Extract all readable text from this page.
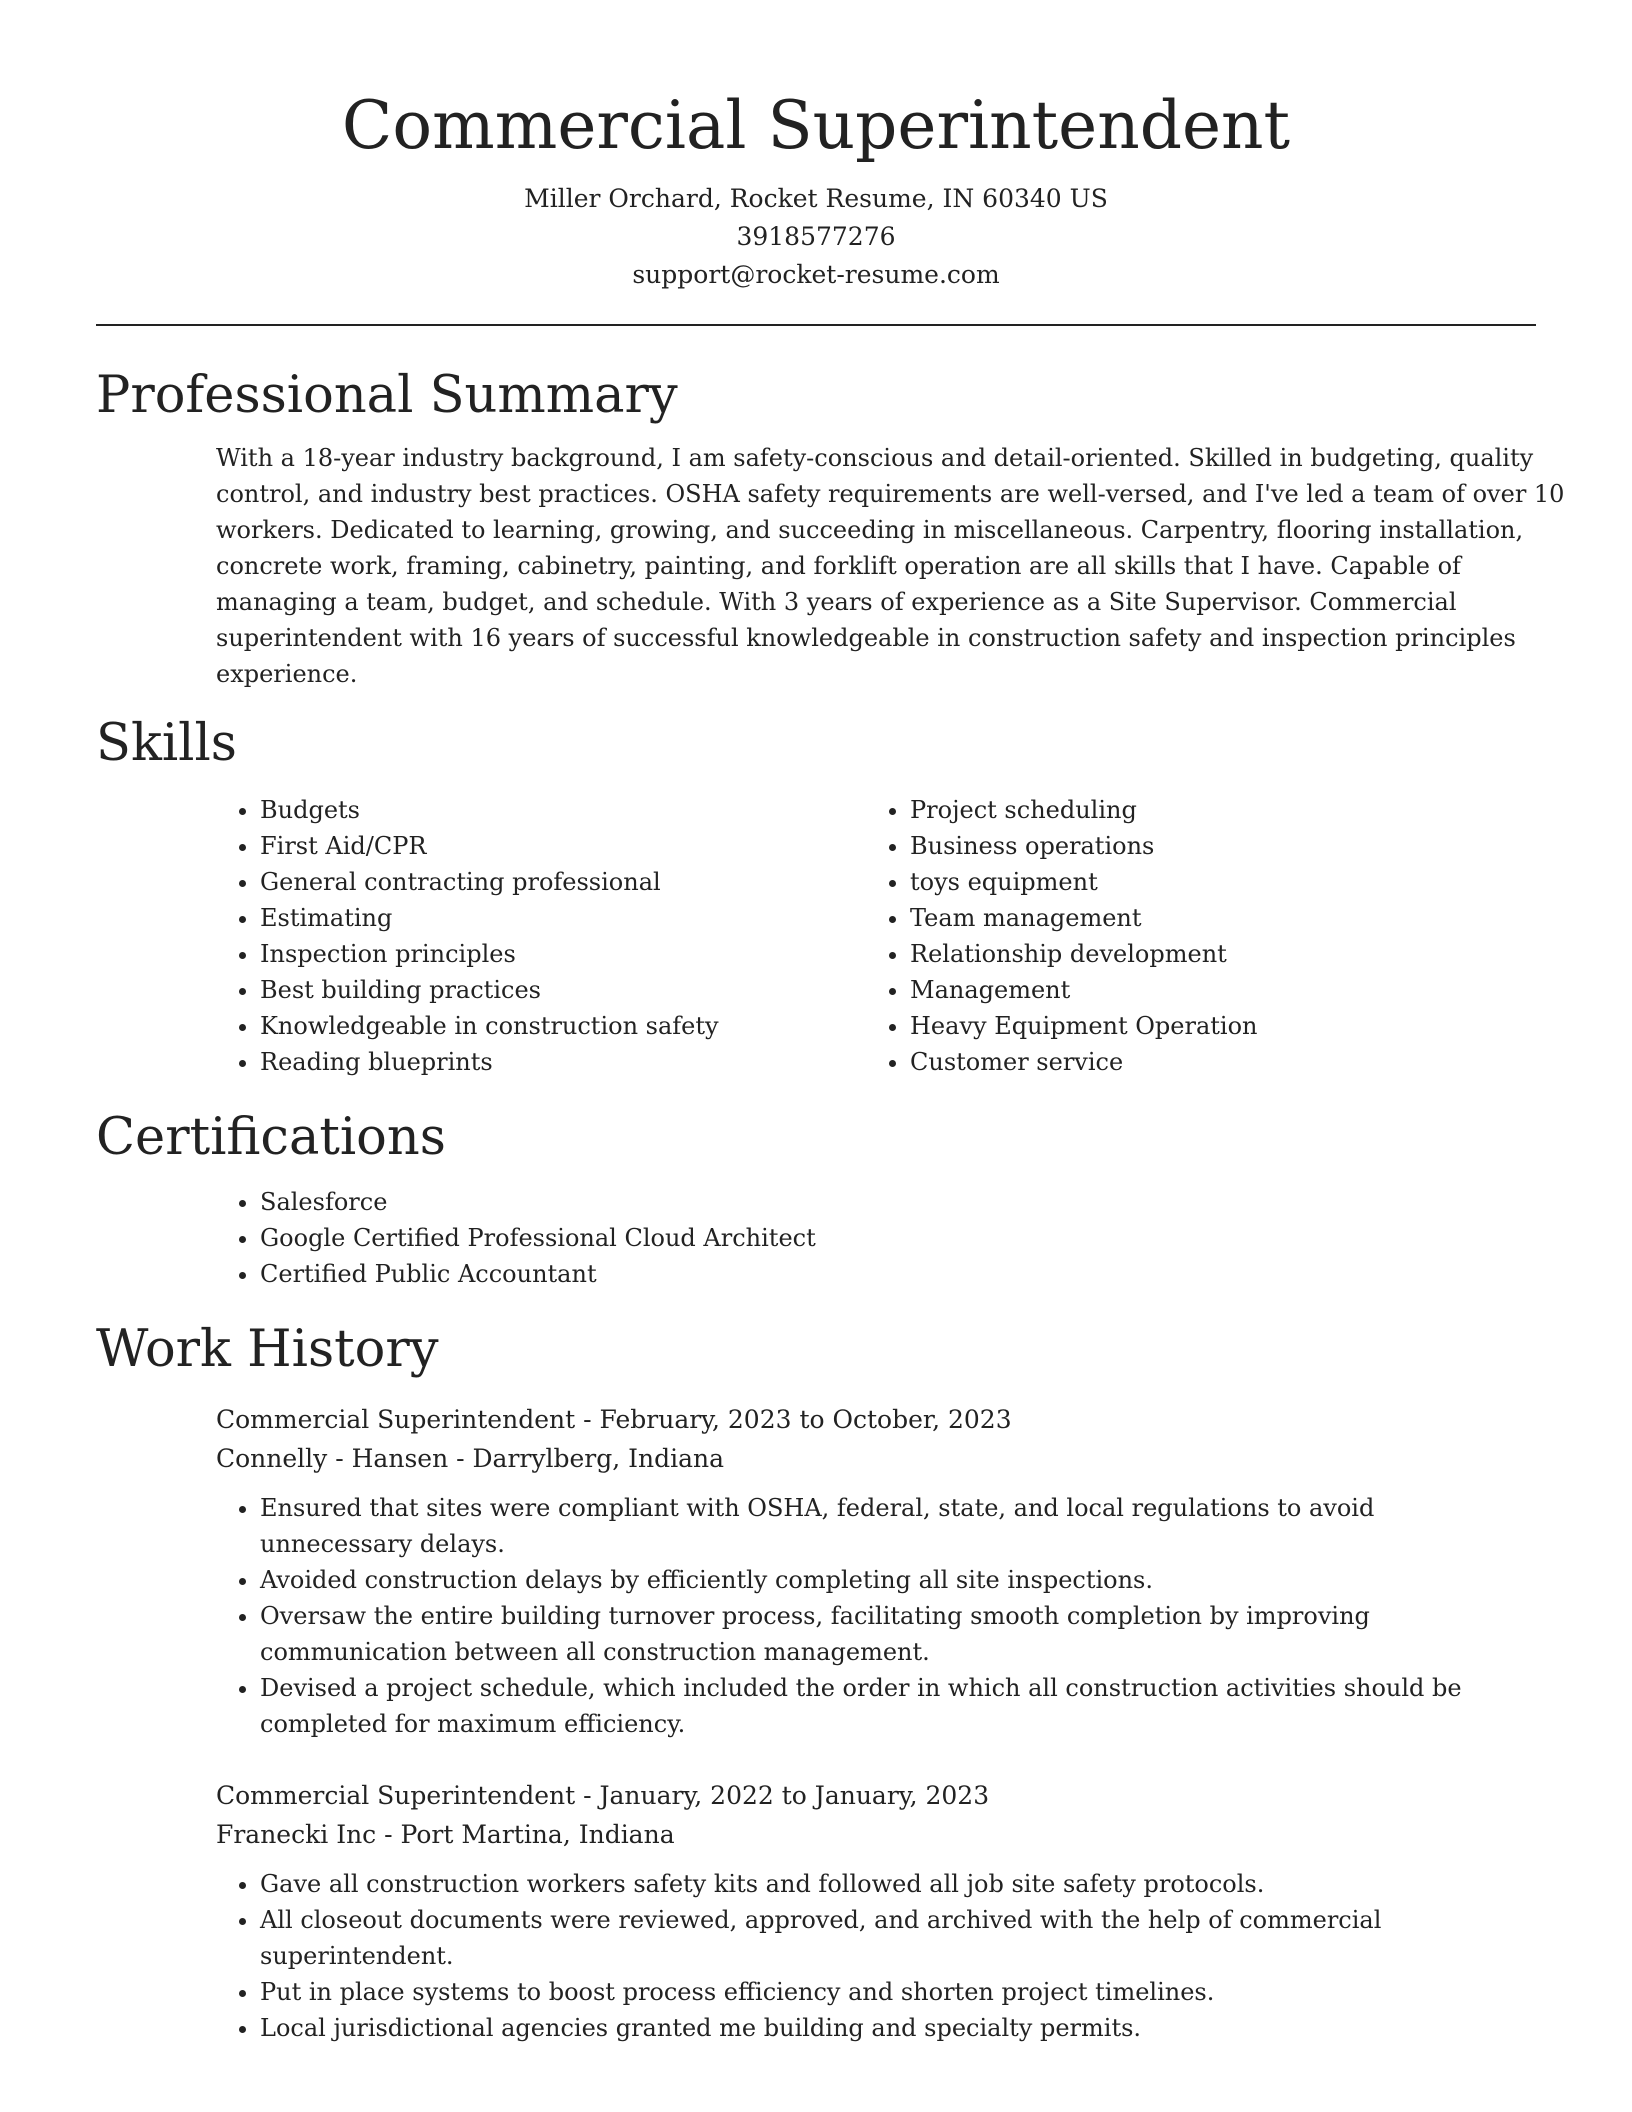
Commercial Superintendent
Miller Orchard, Rocket Resume, IN 60340 US
3918577276
support@rocket-resume.com
Professional Summary

With a 18-year industry background, I am safety-conscious and detail-oriented. Skilled in budgeting, quality control, and industry best practices. OSHA safety requirements are well-versed, and I've led a team of over 10 workers. Dedicated to learning, growing, and succeeding in miscellaneous. Carpentry, flooring installation, concrete work, framing, cabinetry, painting, and forklift operation are all skills that I have. Capable of managing a team, budget, and schedule. With 3 years of experience as a Site Supervisor. Commercial superintendent with 16 years of successful knowledgeable in construction safety and inspection principles experience.

Skills
• Budgets
• First Aid/CPR
• General contracting professional
• Estimating
• Inspection principles
• Best building practices
• Knowledgeable in construction safety
• Reading blueprints
• Project scheduling
• Business operations
• toys equipment
• Team management
• Relationship development
• Management
• Heavy Equipment Operation
• Customer service
Certifications
• Salesforce
• Google Certified Professional Cloud Architect
• Certified Public Accountant
Work History
Commercial Superintendent - February, 2023 to October, 2023
Connelly - Hansen - Darrylberg, Indiana
• Ensured that sites were compliant with OSHA, federal, state, and local regulations to avoid unnecessary delays.
• Avoided construction delays by efficiently completing all site inspections.
• Oversaw the entire building turnover process, facilitating smooth completion by improving communication between all construction management.
• Devised a project schedule, which included the order in which all construction activities should be completed for maximum efficiency.
Commercial Superintendent - January, 2022 to January, 2023
Franecki Inc - Port Martina, Indiana
• Gave all construction workers safety kits and followed all job site safety protocols.
• All closeout documents were reviewed, approved, and archived with the help of commercial superintendent.
• Put in place systems to boost process efficiency and shorten project timelines.
• Local jurisdictional agencies granted me building and specialty permits.
